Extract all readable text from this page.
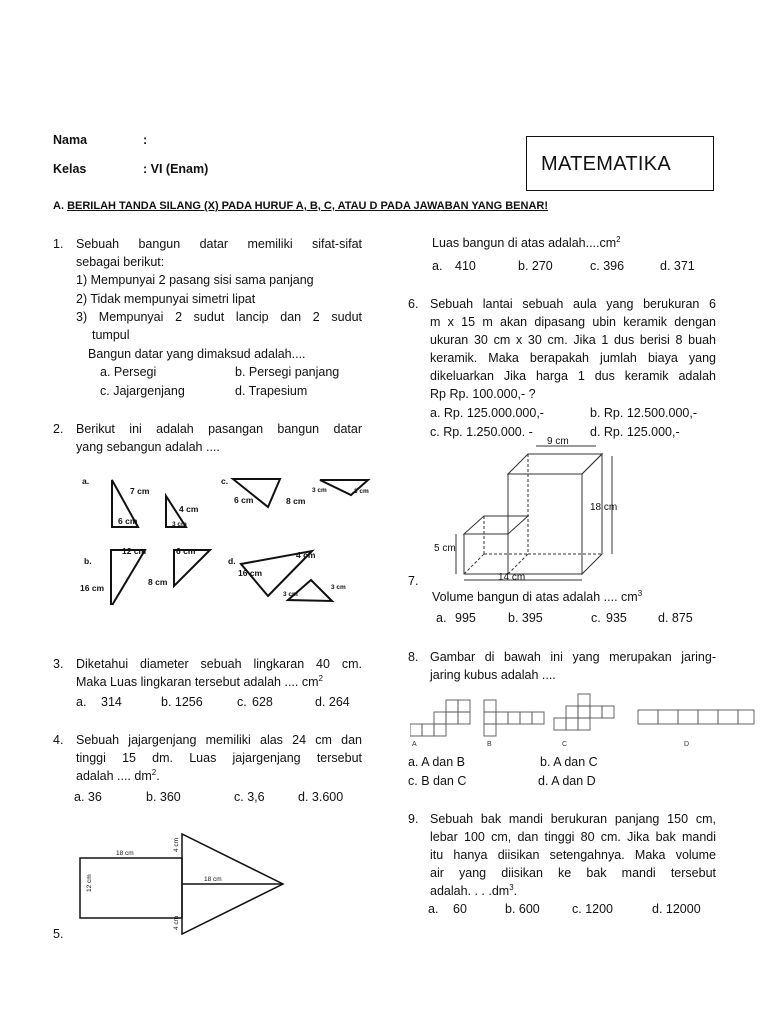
Nama	:
Kelas	: VI (Enam)	MATEMATIKA
A. BERILAH TANDA SILANG (X) PADA HURUF A, B, C, ATAU D PADA JAWABAN YANG BENAR!
1. Sebuah bangun datar memiliki sifat-sifat
sebagai berikut:
1) Mempunyai 2 pasang sisi sama panjang
2) Tidak mempunyai simetri lipat
3) Mempunyai 2 sudut lancip dan 2 sudut
tumpul
Bangun datar yang dimaksud adalah....
a. Persegi	b. Persegi panjang
c. Jajargenjang	d. Trapesium
2. Berikut ini adalah pasangan bangun datar
yang sebangun adalah ....
a.
7 cm
6 cm
4 cm
3 cm
c.
6 cm	8 cm
3 cm	3 cm
b.
12 cm
16 cm
6 cm
8 cm
d.
4 cm
16 cm
3 cm
3 cm
3. Diketahui diameter sebuah lingkaran 40 cm.
Maka Luas lingkaran tersebut adalah .... $cm^2$
a. 314	b. 1256	c. 628	d. 264
4. Sebuah jajargenjang memiliki alas 24 cm dan
tinggi 15 dm. Luas jajargenjang tersebut
adalah .... $dm^2$.
a. 36	b. 360	c. 3,6	d. 3.600
18 cm
12 cm	18 cm
4 cm
4 cm
5.
Luas bangun di atas $adalah....cm^2$
a. 410	b. 270	c. 396	d. 371
6. Sebuah lantai sebuah aula yang berukuran 6
m x 15 m akan dipasang ubin keramik dengan
ukuran 30 cm x 30 cm. Jika 1 dus berisi 8 buah
keramik. Maka berapakah jumlah biaya yang
dikeluarkan Jika harga 1 dus keramik adalah
Rp Rp. 100.000,- ?
a. Rp. 125.000.000,-	b. Rp. 12.500.000,-
c. Rp. 1.250.000. -	d. Rp. 125.000,-
9 cm
18 cm
5 cm
14 cm
7.
Volume bangun di atas adalah .... $cm^3$
a. 995	b. 395	c. 935 d. 875
8. Gambar di bawah ini yang merupakan jaring-
jaring kubus adalah ....
A	B	C	D
a. A dan B	b. A dan C
c. B dan C	d. A dan D
9. Sebuah bak mandi berukuran panjang 150 cm,
lebar 100 cm, dan tinggi 80 cm. Jika bak mandi
itu hanya diisikan setengahnya. Maka volume
air yang diisikan ke bak mandi tersebut
adalah. . . $.dm^3$.
a. 60	b. 600	c. 1200	d. 12000
